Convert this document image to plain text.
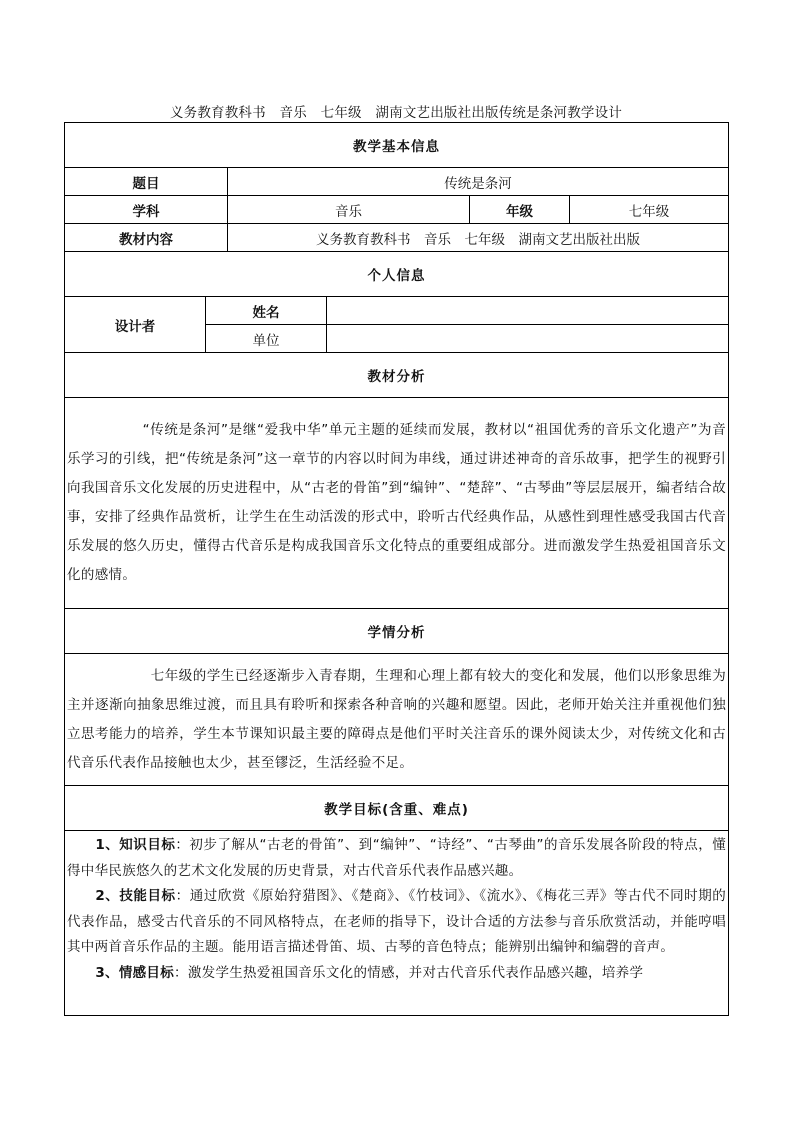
义务教育教科书　音乐　七年级　湖南文艺出版社出版传统是条河教学设计
教学基本信息					
题目		传统是条河			
学科		音乐		年级	七年级
教材内容		义务教育教科书　音乐　七年级　湖南文艺出版社出版			
个人信息					
设计者	姓名				
	单位				
教材分析					

“传统是条河”是继“爱我中华”单元主题的延续而发展，教材以“祖国优秀的音乐文化遗产”为音乐学习的引线，把“传统是条河”这一章节的内容以时间为串线，通过讲述神奇的音乐故事，把学生的视野引向我国音乐文化发展的历史进程中，从“古老的骨笛”到“编钟”、“楚辞”、“古琴曲”等层层展开，编者结合故事，安排了经典作品赏析，让学生在生动活泼的形式中，聆听古代经典作品，从感性到理性感受我国古代音乐发展的悠久历史，懂得古代音乐是构成我国音乐文化特点的重要组成部分。进而激发学生热爱祖国音乐文化的感情。					

学情分析					

七年级的学生已经逐渐步入青春期，生理和心理上都有较大的变化和发展，他们以形象思维为主并逐渐向抽象思维过渡，而且具有聆听和探索各种音响的兴趣和愿望。因此，老师开始关注并重视他们独立思考能力的培养，学生本节课知识最主要的障碍点是他们平时关注音乐的课外阅读太少，对传统文化和古代音乐代表作品接触也太少，甚至镠泛，生活经验不足。					

教学目标(含重、难点)					

1、知识目标：初步了解从“古老的骨笛”、到“编钟”、“诗经”、“古琴曲”的音乐发展各阶段的特点，懂得中华民族悠久的艺术文化发展的历史背景，对古代音乐代表作品感兴趣。

2、技能目标：通过欣赏《原始狩猎图》、《楚商》、《竹枝词》、《流水》、《梅花三弄》等古代不同时期的代表作品，感受古代音乐的不同风格特点，在老师的指导下，设计合适的方法参与音乐欣赏活动，并能哼唱其中两首音乐作品的主题。能用语言描述骨笛、埙、古琴的音色特点；能辨别出编钟和编磬的音声。

3、情感目标：激发学生热爱祖国音乐文化的情感，并对古代音乐代表作品感兴趣，培养学					
